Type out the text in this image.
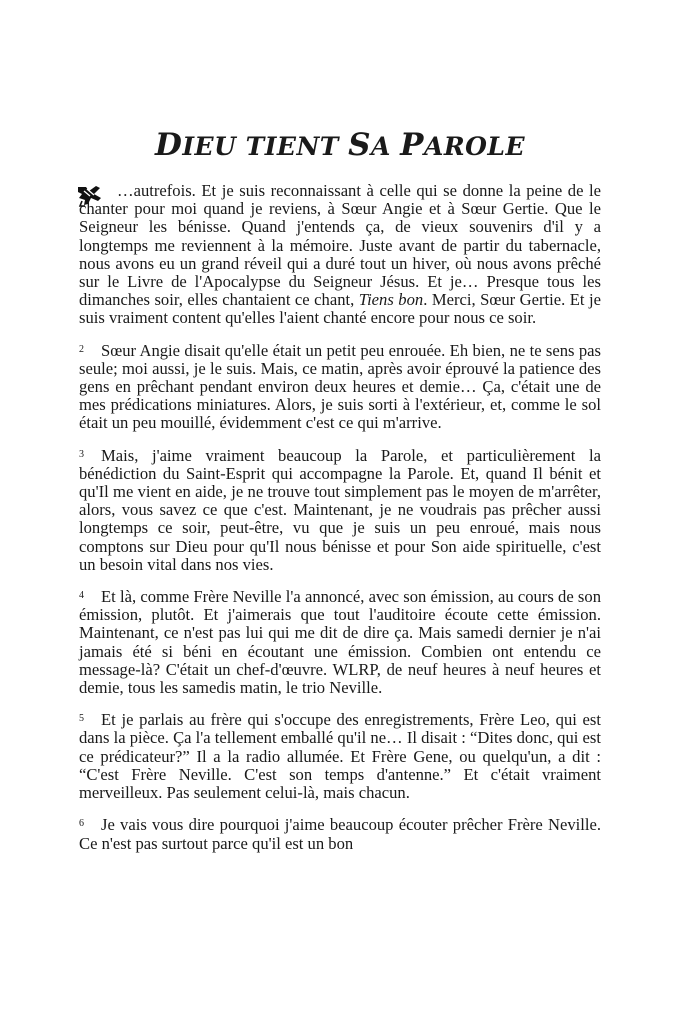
DIEU TIENT SA PAROLE

…autrefois. Et je suis reconnaissant à celle qui se donne la peine de le chanter pour moi quand je reviens, à Sœur Angie et à Sœur Gertie. Que le Seigneur les bénisse. Quand j'entends ça, de vieux souvenirs d'il y a longtemps me reviennent à la mémoire. Juste avant de partir du tabernacle, nous avons eu un grand réveil qui a duré tout un hiver, où nous avons prêché sur le Livre de l'Apocalypse du Seigneur Jésus. Et je… Presque tous les dimanches soir, elles chantaient ce chant, Tiens bon. Merci, Sœur Gertie. Et je suis vraiment content qu'elles l'aient chanté encore pour nous ce soir.

2 Sœur Angie disait qu'elle était un petit peu enrouée. Eh bien, ne te sens pas seule; moi aussi, je le suis. Mais, ce matin, après avoir éprouvé la patience des gens en prêchant pendant environ deux heures et demie… Ça, c'était une de mes prédications miniatures. Alors, je suis sorti à l'extérieur, et, comme le sol était un peu mouillé, évidemment c'est ce qui m'arrive.

3 Mais, j'aime vraiment beaucoup la Parole, et particulièrement la bénédiction du Saint-Esprit qui accompagne la Parole. Et, quand Il bénit et qu'Il me vient en aide, je ne trouve tout simplement pas le moyen de m'arrêter, alors, vous savez ce que c'est. Maintenant, je ne voudrais pas prêcher aussi longtemps ce soir, peut-être, vu que je suis un peu enroué, mais nous comptons sur Dieu pour qu'Il nous bénisse et pour Son aide spirituelle, c'est un besoin vital dans nos vies.

4 Et là, comme Frère Neville l'a annoncé, avec son émission, au cours de son émission, plutôt. Et j'aimerais que tout l'auditoire écoute cette émission. Maintenant, ce n'est pas lui qui me dit de dire ça. Mais samedi dernier je n'ai jamais été si béni en écoutant une émission. Combien ont entendu ce message-là? C'était un chef-d'œuvre. WLRP, de neuf heures à neuf heures et demie, tous les samedis matin, le trio Neville.

5 Et je parlais au frère qui s'occupe des enregistrements, Frère Leo, qui est dans la pièce. Ça l'a tellement emballé qu'il ne… Il disait : “Dites donc, qui est ce prédicateur?” Il a la radio allumée. Et Frère Gene, ou quelqu'un, a dit : “C'est Frère Neville. C'est son temps d'antenne.” Et c'était vraiment merveilleux. Pas seulement celui-là, mais chacun.

6 Je vais vous dire pourquoi j'aime beaucoup écouter prêcher Frère Neville. Ce n'est pas surtout parce qu'il est un bon
